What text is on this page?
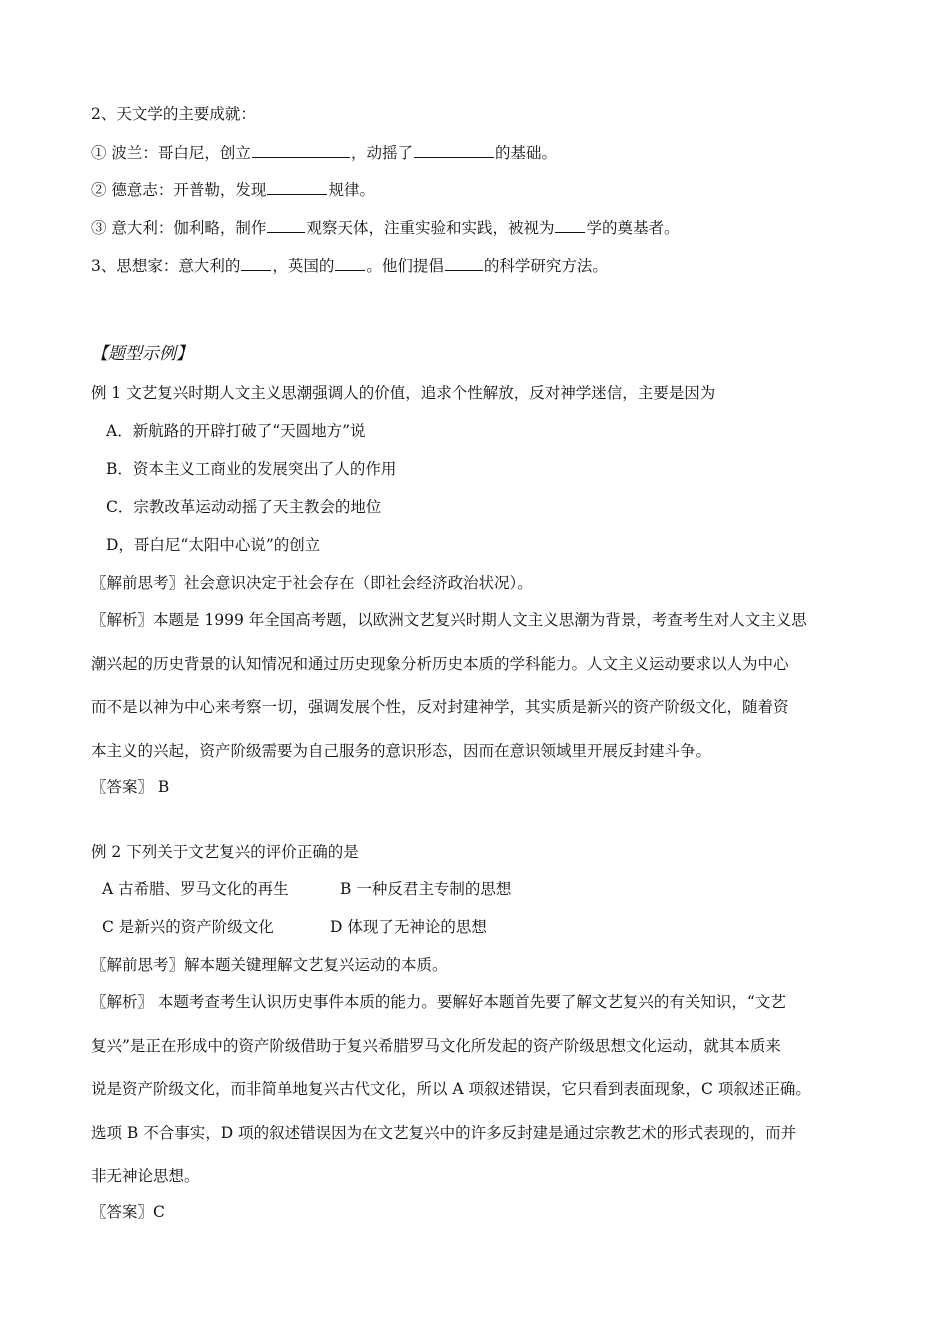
2、天文学的主要成就：
① 波兰：哥白尼，创立	，动摇了	的基础。
② 德意志：开普勒，发现	规律。
③ 意大利：伽利略，制作	观察天体，注重实验和实践，被视为 学的奠基者。
3、思想家：意大利的 ，英国的 。他们提倡	的科学研究方法。
【题型示例】
例 1 文艺复兴时期人文主义思潮强调人的价值，追求个性解放，反对神学迷信，主要是因为
A．新航路的开辟打破了“天圆地方”说
B．资本主义工商业的发展突出了人的作用
C．宗教改革运动动摇了天主教会的地位
D，哥白尼“太阳中心说”的创立
〖解前思考〗社会意识决定于社会存在（即社会经济政治状况）。
〖解析〗本题是 1999 年全国高考题，以欧洲文艺复兴时期人文主义思潮为背景，考查考生对人文主义思
潮兴起的历史背景的认知情况和通过历史现象分析历史本质的学科能力。人文主义运动要求以人为中心
而不是以神为中心来考察一切，强调发展个性，反对封建神学，其实质是新兴的资产阶级文化，随着资
本主义的兴起，资产阶级需要为自己服务的意识形态，因而在意识领域里开展反封建斗争。
〖答案〗 B
例 2 下列关于文艺复兴的评价正确的是
A 古希腊、罗马文化的再生	B 一种反君主专制的思想
C 是新兴的资产阶级文化	D 体现了无神论的思想
〖解前思考〗解本题关键理解文艺复兴运动的本质。
〖解析〗 本题考查考生认识历史事件本质的能力。要解好本题首先要了解文艺复兴的有关知识，“文艺
复兴”是正在形成中的资产阶级借助于复兴希腊罗马文化所发起的资产阶级思想文化运动，就其本质来
说是资产阶级文化，而非简单地复兴古代文化，所以 A 项叙述错误，它只看到表面现象，C 项叙述正确。
选项 B 不合事实，D 项的叙述错误因为在文艺复兴中的许多反封建是通过宗教艺术的形式表现的，而并
非无神论思想。
〖答案〗C
